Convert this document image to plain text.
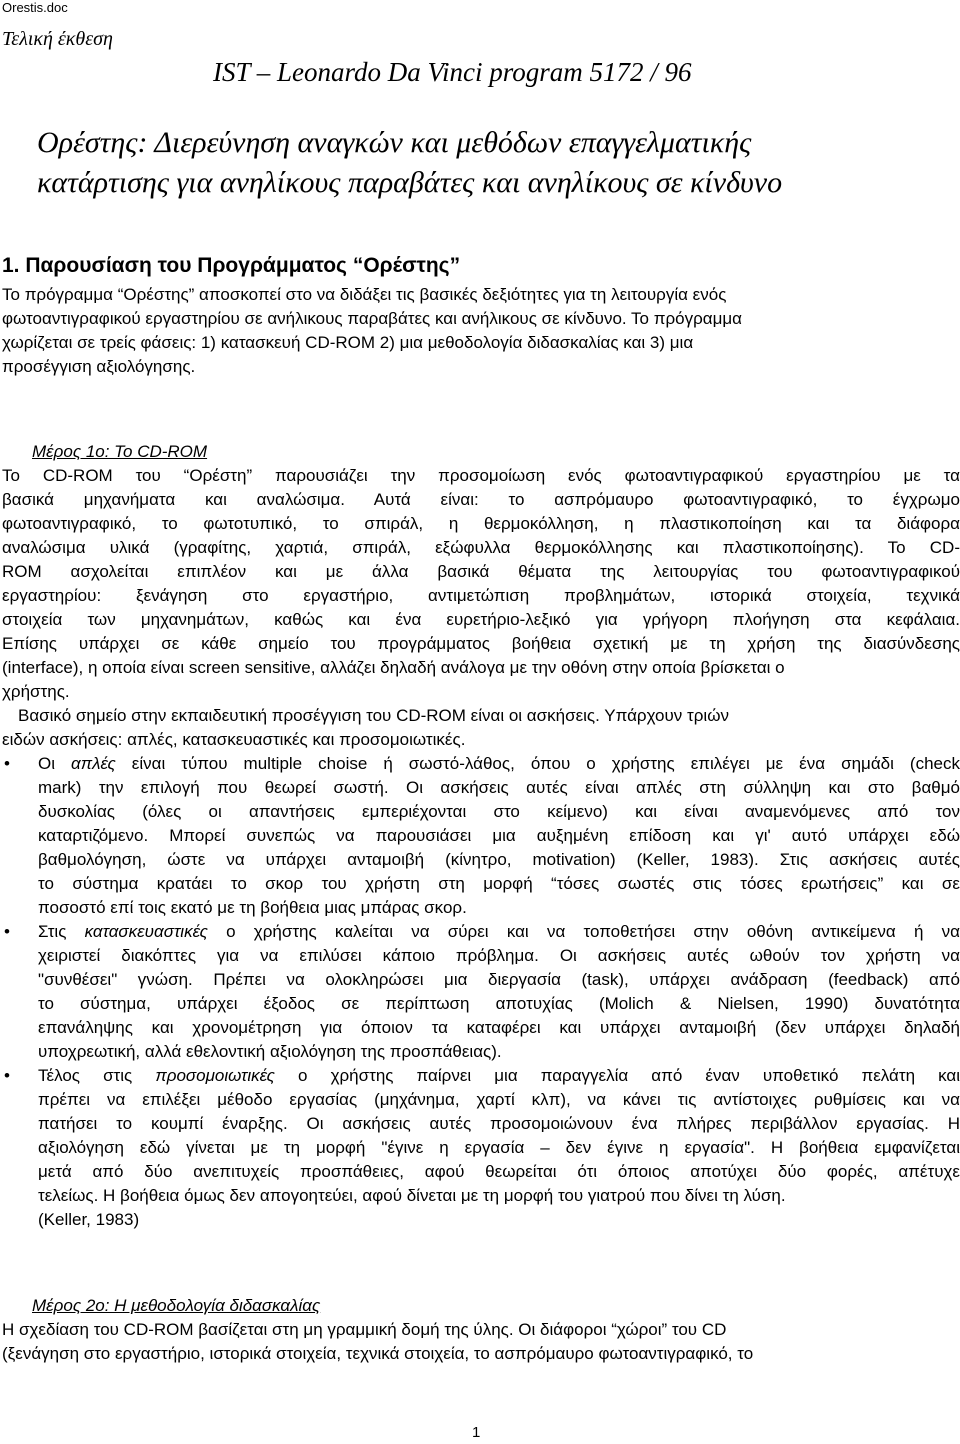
Orestis.doc
Τελική έκθεση
IST – Leonardo Da Vinci program 5172 / 96
Ορέστης: Διερεύνηση αναγκών και μεθόδων επαγγελματικής
κατάρτισης για ανηλίκους παραβάτες και ανηλίκους σε κίνδυνο
1. Παρουσίαση του Προγράμματος “Ορέστης”
Το πρόγραμμα “Ορέστης” αποσκοπεί στο να διδάξει τις βασικές δεξιότητες για τη λειτουργία ενός
φωτοαντιγραφικού εργαστηρίου σε ανήλικους παραβάτες και ανήλικους σε κίνδυνο. Το πρόγραμμα
χωρίζεται σε τρείς φάσεις: 1) κατασκευή CD-ROM 2) μια μεθοδολογία διδασκαλίας και 3) μια
προσέγγιση αξιολόγησης.
Μέρος 1ο: Το CD-ROM
Το CD-ROM του “Ορέστη” παρουσιάζει την προσομοίωση ενός φωτοαντιγραφικού εργαστηρίου με τα
βασικά μηχανήματα και αναλώσιμα. Αυτά είναι: το ασπρόμαυρο φωτοαντιγραφικό, το έγχρωμο
φωτοαντιγραφικό, το φωτοτυπικό, το σπιράλ, η θερμοκόλληση, η πλαστικοποίηση και τα διάφορα
αναλώσιμα υλικά (γραφίτης, χαρτιά, σπιράλ, εξώφυλλα θερμοκόλλησης και πλαστικοποίησης). Το CD-
ROM ασχολείται επιπλέον και με άλλα βασικά θέματα της λειτουργίας του φωτοαντιγραφικού
εργαστηρίου: ξενάγηση στο εργαστήριο, αντιμετώπιση προβλημάτων, ιστορικά στοιχεία, τεχνικά
στοιχεία των μηχανημάτων, καθώς και ένα ευρετήριο-λεξικό για γρήγορη πλοήγηση στα κεφάλαια.
Επίσης υπάρχει σε κάθε σημείο του προγράμματος βοήθεια σχετική με τη χρήση της διασύνδεσης
(interface), η οποία είναι screen sensitive, αλλάζει δηλαδή ανάλογα με την οθόνη στην οποία βρίσκεται ο
χρήστης.
Βασικό σημείο στην εκπαιδευτική προσέγγιση του CD-ROM είναι οι ασκήσεις. Υπάρχουν τριών
ειδών ασκήσεις: απλές, κατασκευαστικές και προσομοιωτικές.
•	Οι απλές είναι τύπου multiple choise ή σωστό-λάθος, όπου ο χρήστης επιλέγει με ένα σημάδι (check
mark) την επιλογή που θεωρεί σωστή. Οι ασκήσεις αυτές είναι απλές στη σύλληψη και στο βαθμό
δυσκολίας (όλες οι απαντήσεις εμπεριέχονται στο κείμενο) και είναι αναμενόμενες από τον
καταρτιζόμενο. Μπορεί συνεπώς να παρουσιάσει μια αυξημένη επίδοση και γι' αυτό υπάρχει εδώ
βαθμολόγηση, ώστε να υπάρχει ανταμοιβή (κίνητρο, motivation) (Keller, 1983). Στις ασκήσεις αυτές
το σύστημα κρατάει το σκορ του χρήστη στη μορφή “τόσες σωστές στις τόσες ερωτήσεις” και σε
ποσοστό επί τοις εκατό με τη βοήθεια μιας μπάρας σκορ.
•	Στις κατασκευαστικές ο χρήστης καλείται να σύρει και να τοποθετήσει στην οθόνη αντικείμενα ή να
χειριστεί διακόπτες για να επιλύσει κάποιο πρόβλημα. Οι ασκήσεις αυτές ωθούν τον χρήστη να
"συνθέσει" γνώση. Πρέπει να ολοκληρώσει μια διεργασία (task), υπάρχει ανάδραση (feedback) από
το σύστημα, υπάρχει έξοδος σε περίπτωση αποτυχίας (Molich & Nielsen, 1990) δυνατότητα
επανάληψης και χρονομέτρηση για όποιον τα καταφέρει και υπάρχει ανταμοιβή (δεν υπάρχει δηλαδή
υποχρεωτική, αλλά εθελοντική αξιολόγηση της προσπάθειας).
•	Τέλος στις προσομοιωτικές ο χρήστης παίρνει μια παραγγελία από έναν υποθετικό πελάτη και
πρέπει να επιλέξει μέθοδο εργασίας (μηχάνημα, χαρτί κλπ), να κάνει τις αντίστοιχες ρυθμίσεις και να
πατήσει το κουμπί έναρξης. Οι ασκήσεις αυτές προσομοιώνουν ένα πλήρες περιβάλλον εργασίας. Η
αξιολόγηση εδώ γίνεται με τη μορφή "έγινε η εργασία – δεν έγινε η εργασία". Η βοήθεια εμφανίζεται
μετά από δύο ανεπιτυχείς προσπάθειες, αφού θεωρείται ότι όποιος αποτύχει δύο φορές, απέτυχε
τελείως. Η βοήθεια όμως δεν απογοητεύει, αφού δίνεται με τη μορφή του γιατρού που δίνει τη λύση.
(Keller, 1983)
Μέρος 2ο: Η μεθοδολογία διδασκαλίας
Η σχεδίαση του CD-ROM βασίζεται στη μη γραμμική δομή της ύλης. Οι διάφοροι “χώροι” του CD
(ξενάγηση στο εργαστήριο, ιστορικά στοιχεία, τεχνικά στοιχεία, το ασπρόμαυρο φωτοαντιγραφικό, το
1
